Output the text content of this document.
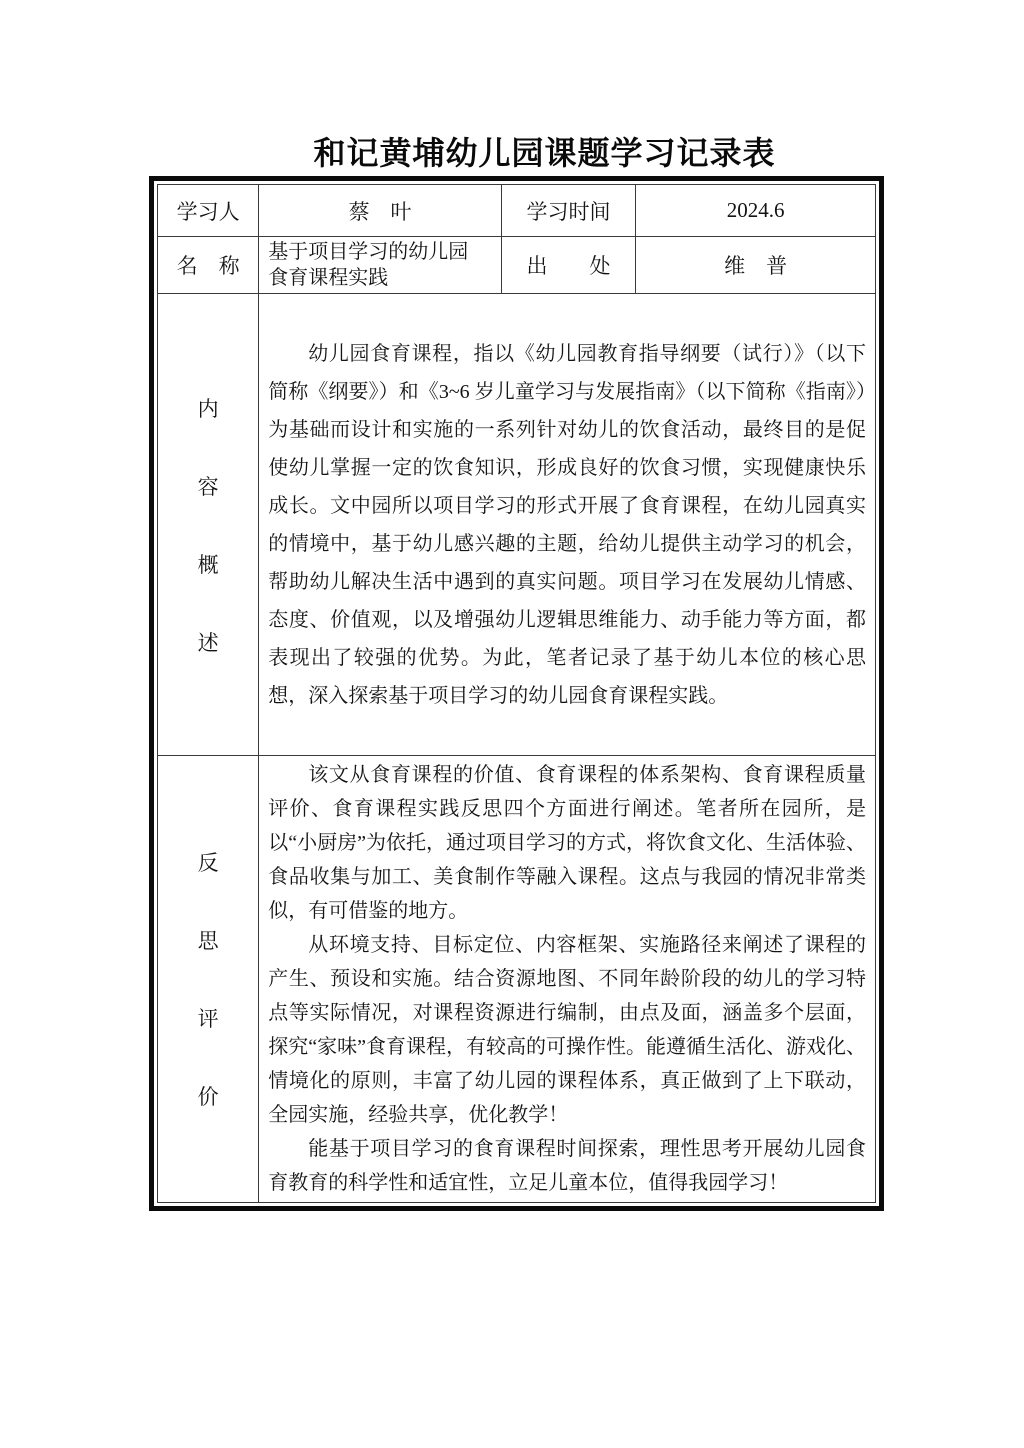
和记黄埔幼儿园课题学习记录表
学习人	蔡　叶	学习时间	2024.6
名　称	基于项目学习的幼儿园食育课程实践	出　　处	维　普

内
容
概
述

幼儿园食育课程，指以《幼儿园教育指导纲要（试行）》（以下简称《纲要》）和《3~6 岁儿童学习与发展指南》（以下简称《指南》）为基础而设计和实施的一系列针对幼儿的饮食活动，最终目的是促使幼儿掌握一定的饮食知识，形成良好的饮食习惯，实现健康快乐成长。文中园所以项目学习的形式开展了食育课程，在幼儿园真实的情境中，基于幼儿感兴趣的主题，给幼儿提供主动学习的机会，帮助幼儿解决生活中遇到的真实问题。项目学习在发展幼儿情感、态度、价值观，以及增强幼儿逻辑思维能力、动手能力等方面，都表现出了较强的优势。为此，笔者记录了基于幼儿本位的核心思想，深入探索基于项目学习的幼儿园食育课程实践。

反
思
评
价

该文从食育课程的价值、食育课程的体系架构、食育课程质量评价、食育课程实践反思四个方面进行阐述。笔者所在园所，是以“小厨房”为依托，通过项目学习的方式，将饮食文化、生活体验、食品收集与加工、美食制作等融入课程。这点与我园的情况非常类似，有可借鉴的地方。

从环境支持、目标定位、内容框架、实施路径来阐述了课程的产生、预设和实施。结合资源地图、不同年龄阶段的幼儿的学习特点等实际情况，对课程资源进行编制，由点及面，涵盖多个层面，探究“家味”食育课程，有较高的可操作性。能遵循生活化、游戏化、情境化的原则，丰富了幼儿园的课程体系，真正做到了上下联动，全园实施，经验共享，优化教学！

能基于项目学习的食育课程时间探索，理性思考开展幼儿园食育教育的科学性和适宜性，立足儿童本位，值得我园学习！
